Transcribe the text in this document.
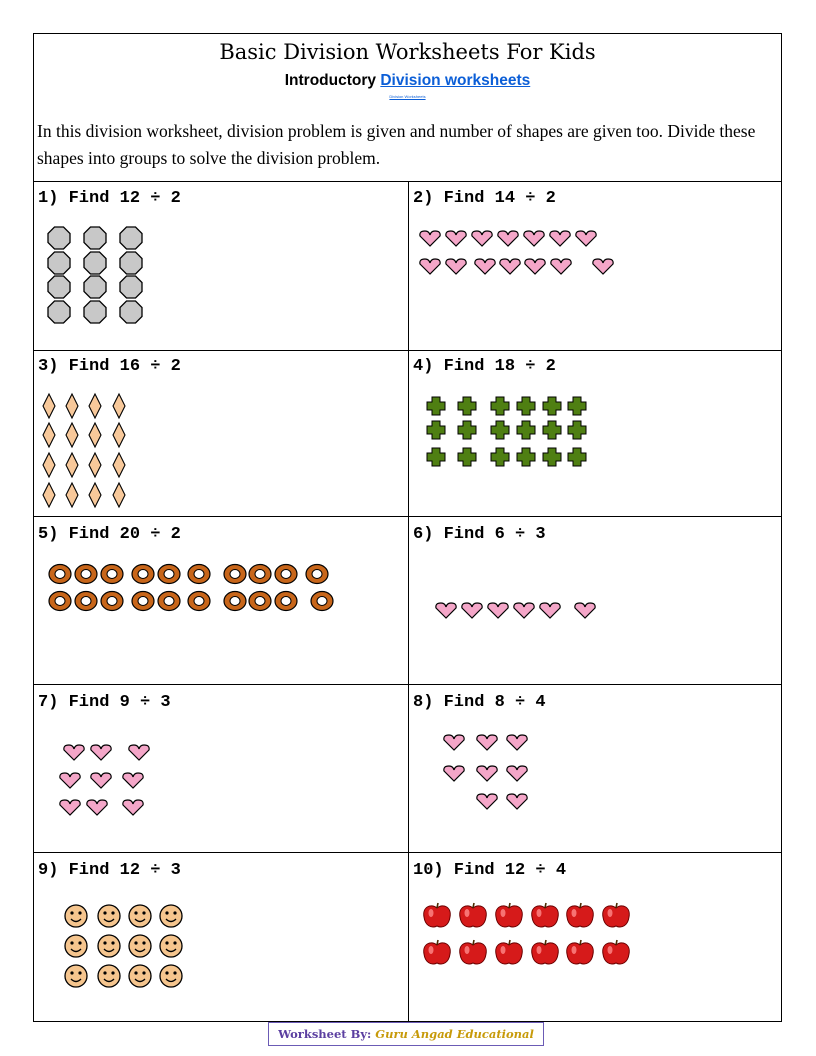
Basic Division Worksheets For Kids
Introductory Division worksheets
Division Worksheets
In this division worksheet, division problem is given and number of shapes are given too. Divide these shapes into groups to solve the division problem.
1) Find 12 ÷ 2	2) Find 14 ÷ 2
3) Find 16 ÷ 2	4) Find 18 ÷ 2
5) Find 20 ÷ 2	6) Find 6 ÷ 3
7) Find 9 ÷ 3	8) Find 8 ÷ 4
9) Find 12 ÷ 3	10) Find 12 ÷ 4
Worksheet By: Guru Angad Educational
